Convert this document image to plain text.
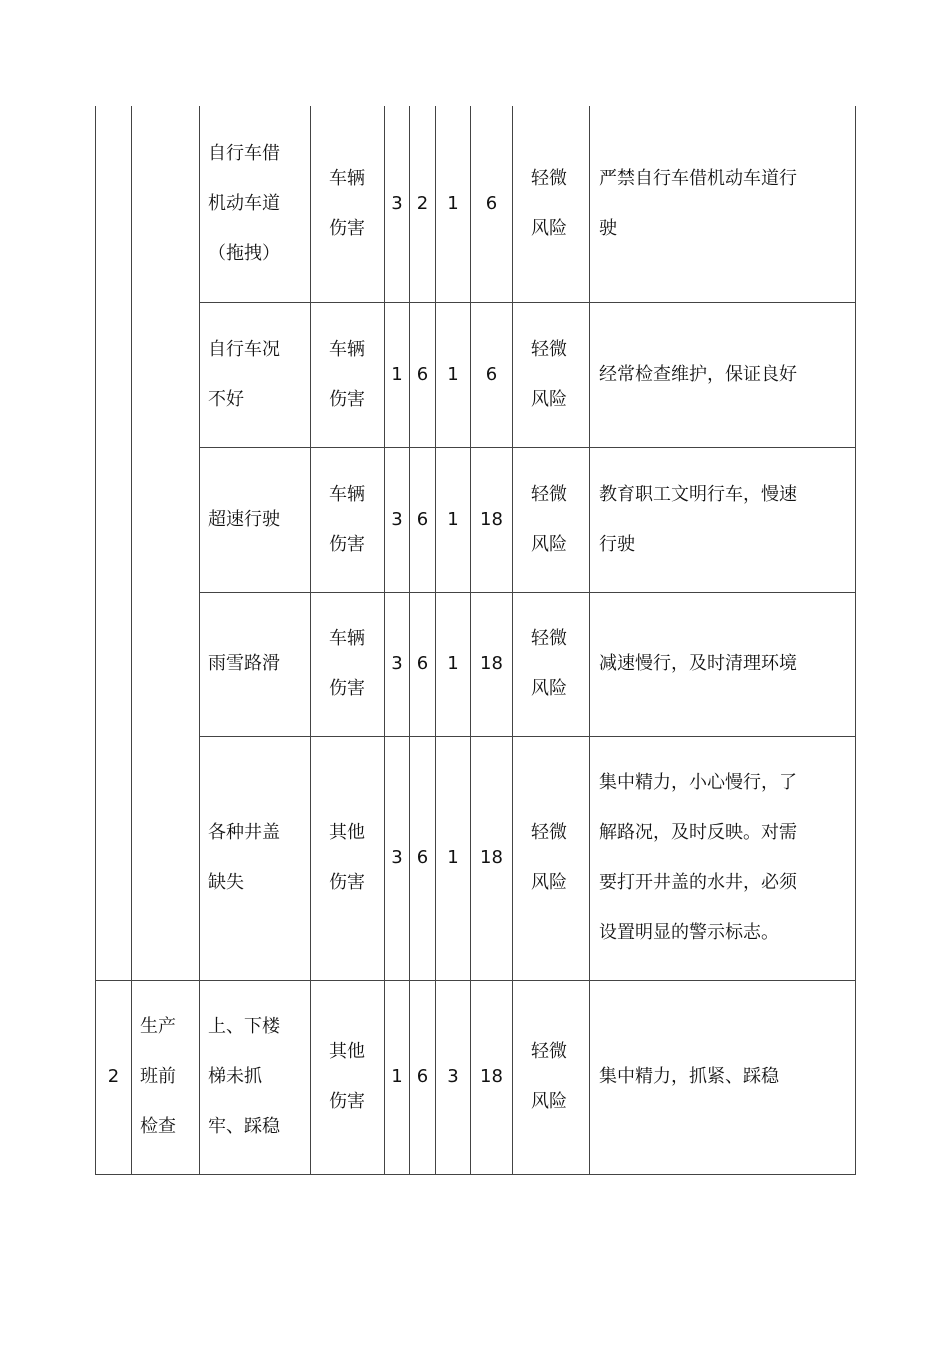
		自行车借
机动车道
（拖拽）	车辆
伤害	3	2	1	6	轻微
风险	严禁自行车借机动车道行
驶

		自行车况
不好	车辆
伤害	1	6	1	6	轻微
风险	经常检查维护，保证良好

		超速行驶	车辆
伤害	3	6	1	18	轻微
风险	教育职工文明行车，慢速
行驶

		雨雪路滑	车辆
伤害	3	6	1	18	轻微
风险	减速慢行，及时清理环境

		各种井盖
缺失	其他
伤害	3	6	1	18	轻微
风险	集中精力，小心慢行，了
解路况，及时反映。对需
要打开井盖的水井，必须
设置明显的警示标志。

2	生产
班前
检查	上、下楼
梯未抓
牢、踩稳	其他
伤害	1	6	3	18	轻微
风险	集中精力，抓紧、踩稳
